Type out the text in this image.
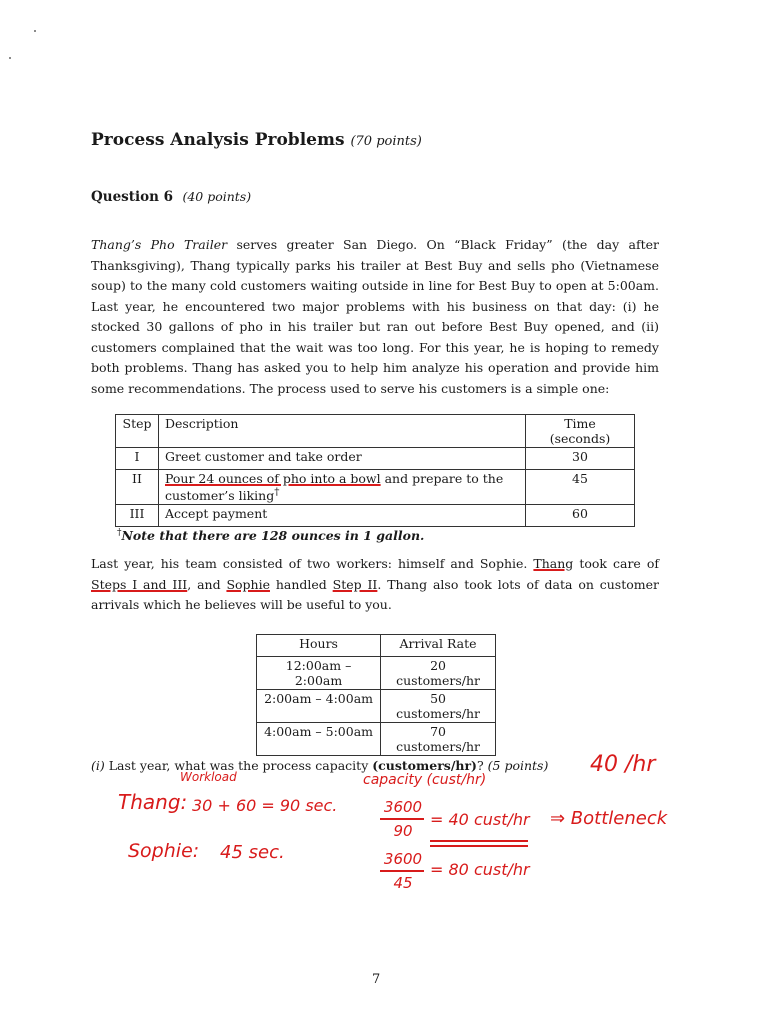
Process Analysis Problems (70 points)
Question 6 (40 points)
Thang’s Pho Trailer serves greater San Diego. On “Black Friday” (the day after Thanksgiving), Thang typically parks his trailer at Best Buy and sells pho (Vietnamese soup) to the many cold customers waiting outside in line for Best Buy to open at 5:00am. Last year, he encountered two major problems with his business on that day: (i) he stocked 30 gallons of pho in his trailer but ran out before Best Buy opened, and (ii) customers complained that the wait was too long. For this year, he is hoping to remedy both problems. Thang has asked you to help him analyze his operation and provide him some recommendations. The process used to serve his customers is a simple one:
Step	Description	Time (seconds)
I	Greet customer and take order	30
II	Pour 24 ounces of pho into a bowl and prepare to the customer’s liking†	45
III	Accept payment	60
†Note that there are 128 ounces in 1 gallon.
Last year, his team consisted of two workers: himself and Sophie. Thang took care of Steps I and III, and Sophie handled Step II. Thang also took lots of data on customer arrivals which he believes will be useful to you.
Hours	Arrival Rate
12:00am – 2:00am	20 customers/hr
2:00am – 4:00am	50 customers/hr
4:00am – 5:00am	70 customers/hr
(i) Last year, what was the process capacity (customers/hr)? (5 points) 40 /hr
Workload	capacity (cust/hr)
Thang: 30 + 60 = 90 sec.
Sophie: 45 sec.
3600
90
= 40 cust/hr ⇒ Bottleneck
3600
45
= 80 cust/hr
7
